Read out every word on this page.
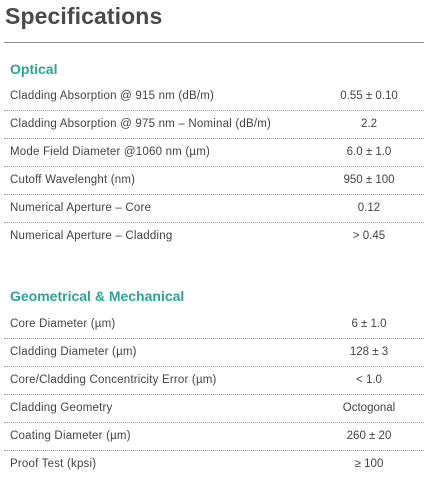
Specifications
Optical
Cladding Absorption @ 915 nm (dB/m)	0.55 ± 0.10
Cladding Absorption @ 975 nm – Nominal (dB/m)	2.2
Mode Field Diameter @1060 nm (µm)	6.0 ± 1.0
Cutoff Wavelenght (nm)	950 ± 100
Numerical Aperture – Core	0.12
Numerical Aperture – Cladding	> 0.45
Geometrical & Mechanical
Core Diameter (µm)	6 ± 1.0
Cladding Diameter (µm)	128 ± 3
Core/Cladding Concentricity Error (µm)	< 1.0
Cladding Geometry	Octogonal
Coating Diameter (µm)	260 ± 20
Proof Test (kpsi)	≥ 100
